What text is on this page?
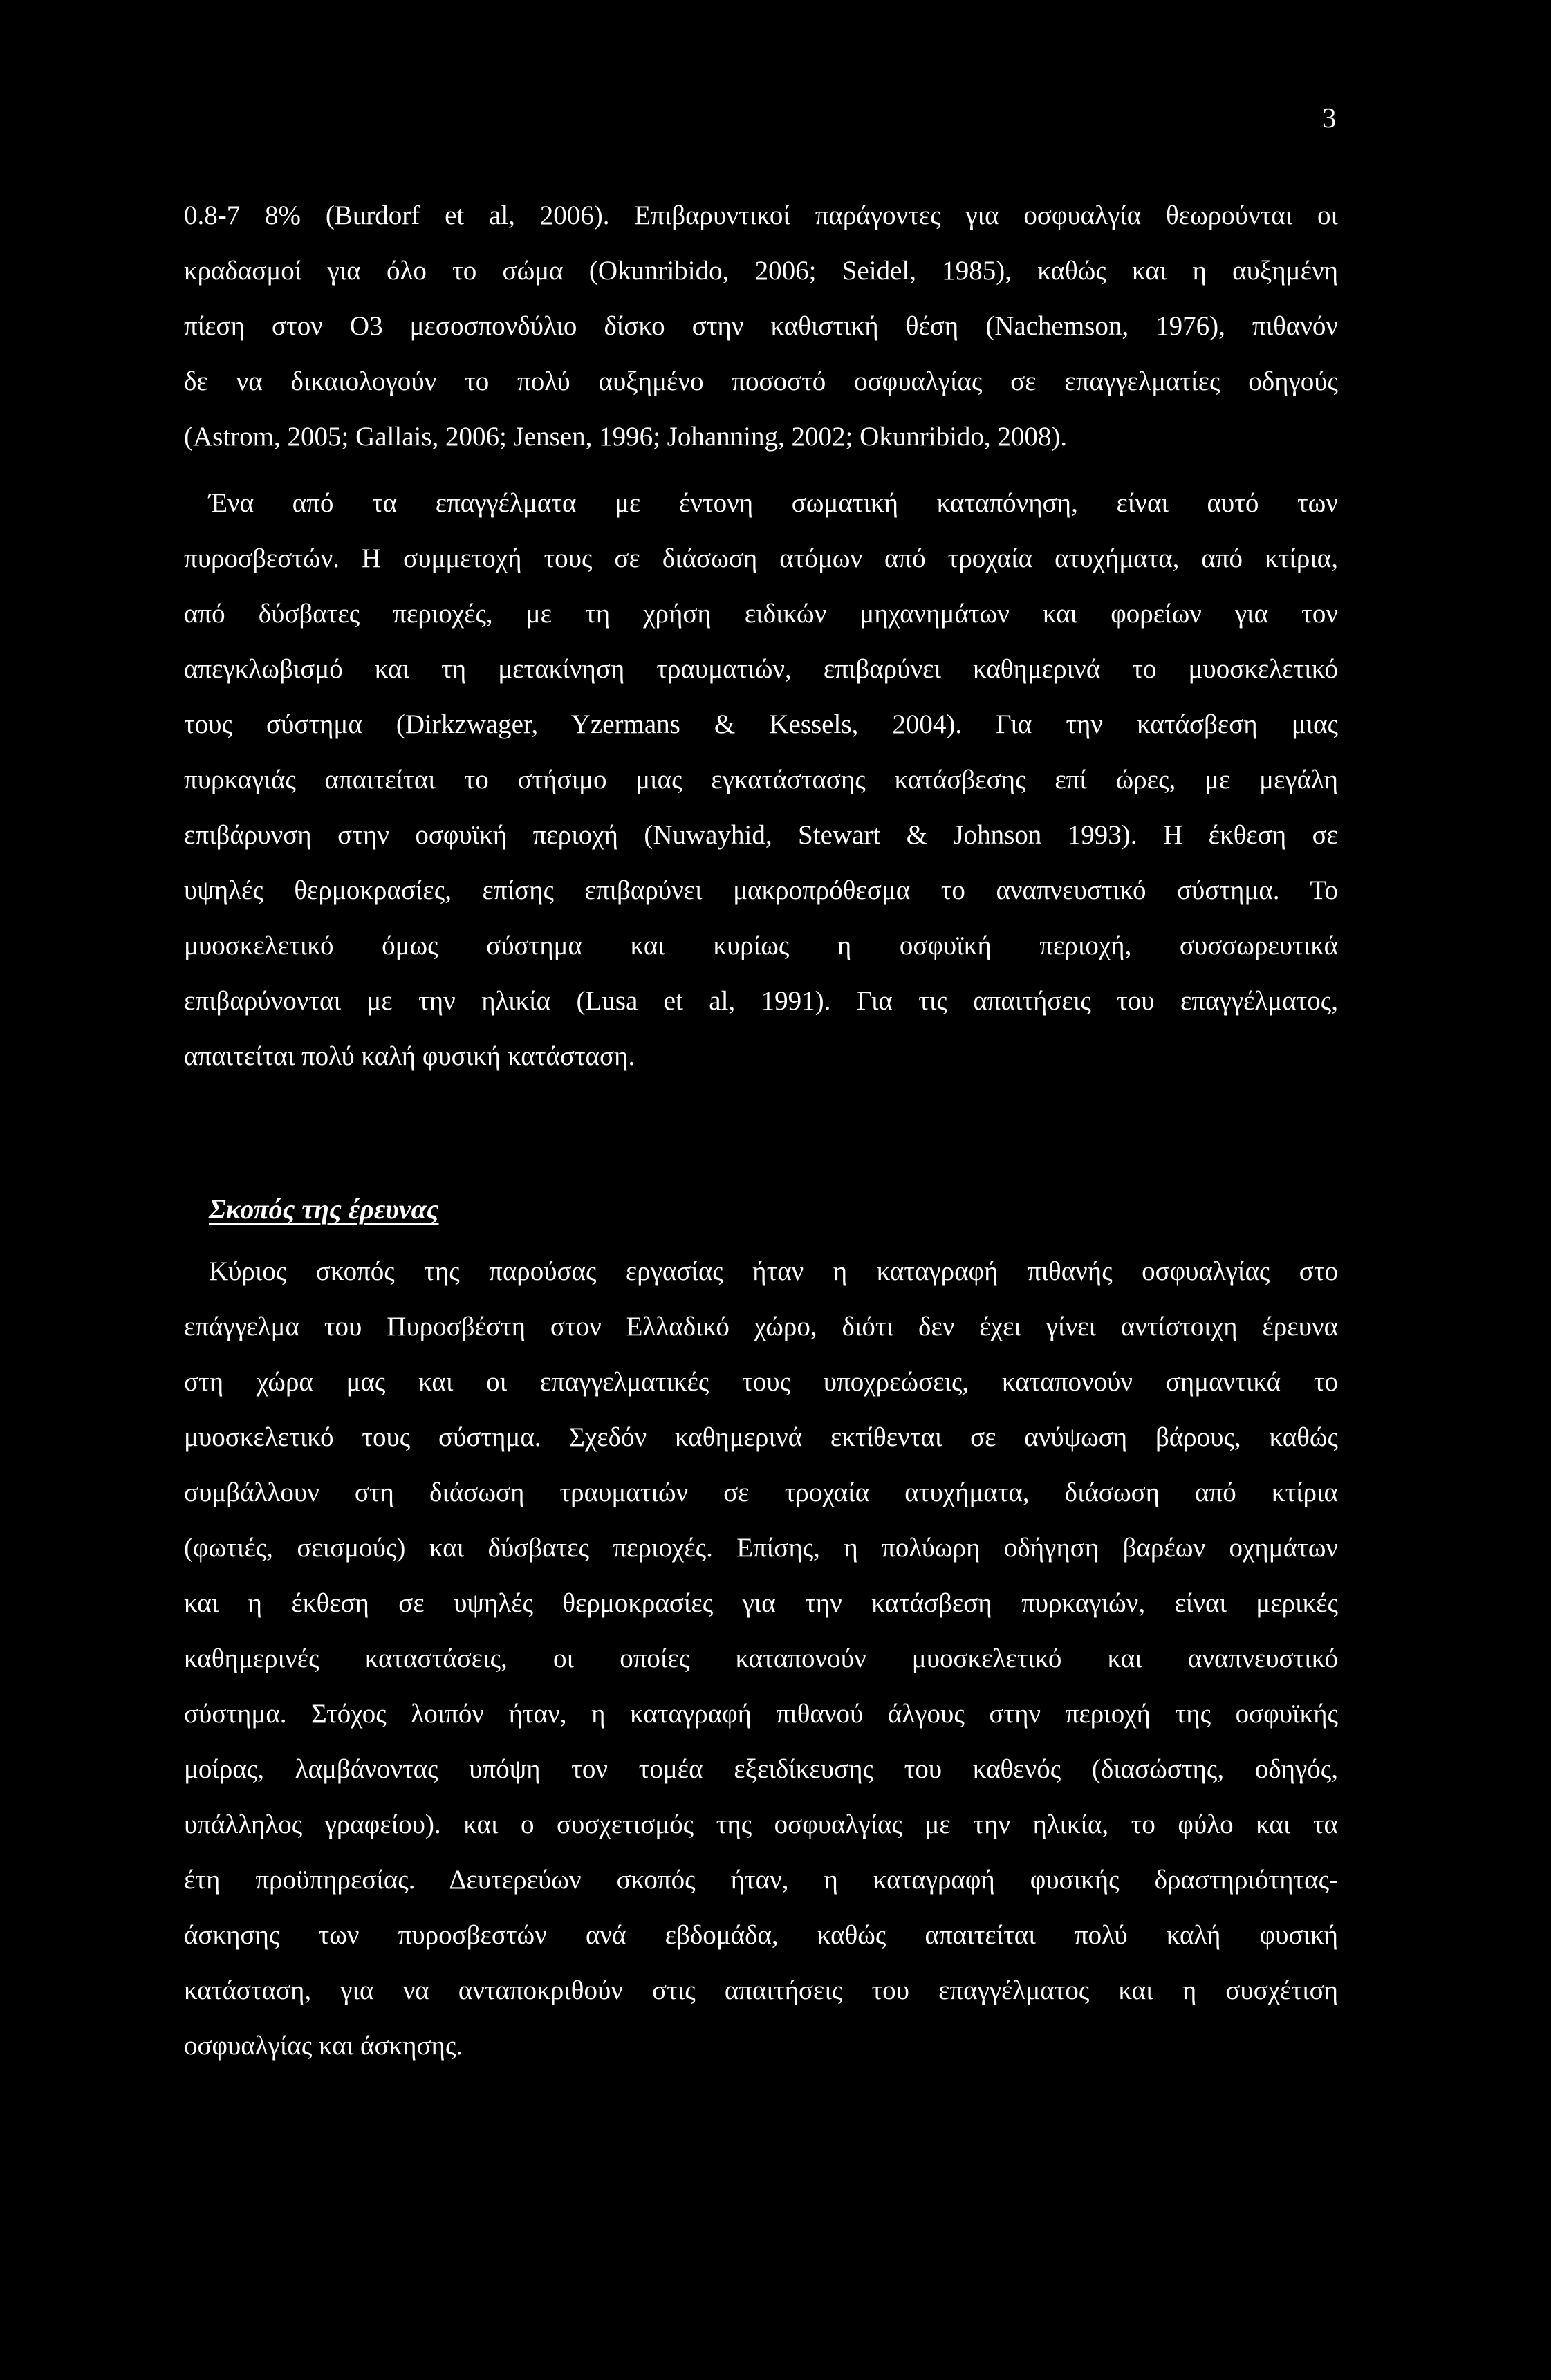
3
0.8-7 8% (Burdorf et al, 2006). Επιβαρυντικοί παράγοντες για οσφυαλγία θεωρούνται οι
κραδασμοί για όλο το σώμα (Okunribido, 2006; Seidel, 1985), καθώς και η αυξημένη
πίεση στον Ο3 μεσοσπονδύλιο δίσκο στην καθιστική θέση (Nachemson, 1976), πιθανόν
δε να δικαιολογούν το πολύ αυξημένο ποσοστό οσφυαλγίας σε επαγγελματίες οδηγούς
(Astrom, 2005; Gallais, 2006; Jensen, 1996; Johanning, 2002; Okunribido, 2008).
Ένα από τα επαγγέλματα με έντονη σωματική καταπόνηση, είναι αυτό των
πυροσβεστών. Η συμμετοχή τους σε διάσωση ατόμων από τροχαία ατυχήματα, από κτίρια,
από δύσβατες περιοχές, με τη χρήση ειδικών μηχανημάτων και φορείων για τον
απεγκλωβισμό και τη μετακίνηση τραυματιών, επιβαρύνει καθημερινά το μυοσκελετικό
τους σύστημα (Dirkzwager, Yzermans & Kessels, 2004). Για την κατάσβεση μιας
πυρκαγιάς απαιτείται το στήσιμο μιας εγκατάστασης κατάσβεσης επί ώρες, με μεγάλη
επιβάρυνση στην οσφυϊκή περιοχή (Nuwayhid, Stewart & Johnson 1993). Η έκθεση σε
υψηλές θερμοκρασίες, επίσης επιβαρύνει μακροπρόθεσμα το αναπνευστικό σύστημα. Το
μυοσκελετικό όμως σύστημα και κυρίως η οσφυϊκή περιοχή, συσσωρευτικά
επιβαρύνονται με την ηλικία (Lusa et al, 1991). Για τις απαιτήσεις του επαγγέλματος,
απαιτείται πολύ καλή φυσική κατάσταση.
Σκοπός της έρευνας
Κύριος σκοπός της παρούσας εργασίας ήταν η καταγραφή πιθανής οσφυαλγίας στο
επάγγελμα του Πυροσβέστη στον Ελλαδικό χώρο, διότι δεν έχει γίνει αντίστοιχη έρευνα
στη χώρα μας και οι επαγγελματικές τους υποχρεώσεις, καταπονούν σημαντικά το
μυοσκελετικό τους σύστημα. Σχεδόν καθημερινά εκτίθενται σε ανύψωση βάρους, καθώς
συμβάλλουν στη διάσωση τραυματιών σε τροχαία ατυχήματα, διάσωση από κτίρια
(φωτιές, σεισμούς) και δύσβατες περιοχές. Επίσης, η πολύωρη οδήγηση βαρέων οχημάτων
και η έκθεση σε υψηλές θερμοκρασίες για την κατάσβεση πυρκαγιών, είναι μερικές
καθημερινές καταστάσεις, οι οποίες καταπονούν μυοσκελετικό και αναπνευστικό
σύστημα. Στόχος λοιπόν ήταν, η καταγραφή πιθανού άλγους στην περιοχή της οσφυϊκής
μοίρας, λαμβάνοντας υπόψη τον τομέα εξειδίκευσης του καθενός (διασώστης, οδηγός,
υπάλληλος γραφείου). και ο συσχετισμός της οσφυαλγίας με την ηλικία, το φύλο και τα
έτη προϋπηρεσίας. Δευτερεύων σκοπός ήταν, η καταγραφή φυσικής δραστηριότητας-
άσκησης των πυροσβεστών ανά εβδομάδα, καθώς απαιτείται πολύ καλή φυσική
κατάσταση, για να ανταποκριθούν στις απαιτήσεις του επαγγέλματος και η συσχέτιση
οσφυαλγίας και άσκησης.
